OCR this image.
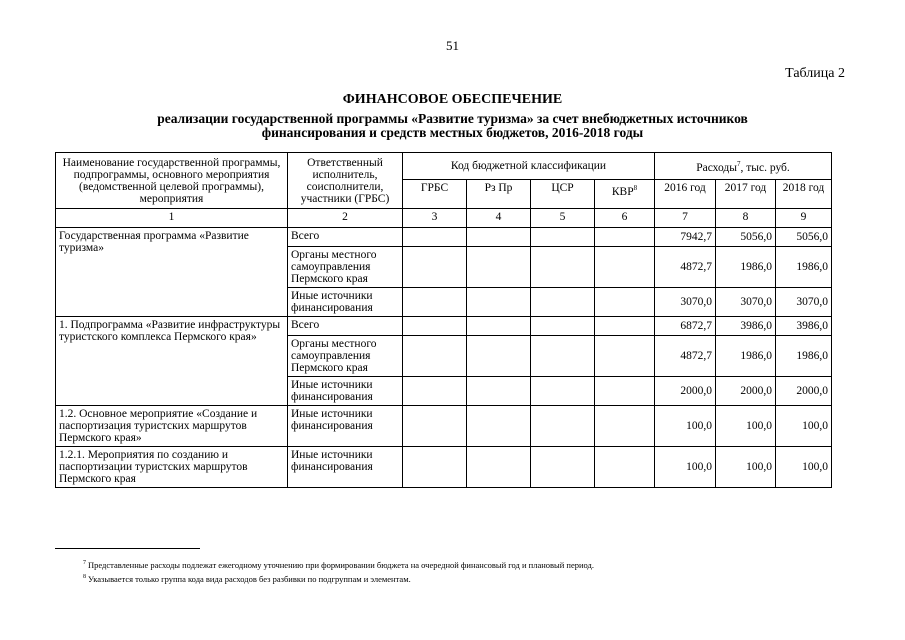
51
Таблица 2
ФИНАНСОВОЕ ОБЕСПЕЧЕНИЕ
реализации государственной программы «Развитие туризма» за счет внебюджетных источников
финансирования и средств местных бюджетов, 2016-2018 годы
Наименование государственной программы, подпрограммы, основного мероприятия (ведомственной целевой программы), мероприятия	Ответственный исполнитель, соисполнители, участники (ГРБС)	Код бюджетной классификации				Расходы$^7$, тыс. руб.		
		ГРБС	Рз Пр	ЦСР	КВР$^8$	2016 год	2017 год	2018 год

1	2	3	4	5	6	7	8	9
Государственная программа «Развитие туризма»	Всего					7942,7	5056,0	5056,0
	Органы местного самоуправления Пермского края					4872,7	1986,0	1986,0
	Иные источники финансирования					3070,0	3070,0	3070,0
1. Подпрограмма «Развитие инфраструктуры туристского комплекса Пермского края»	Всего					6872,7	3986,0	3986,0
	Органы местного самоуправления Пермского края					4872,7	1986,0	1986,0
	Иные источники финансирования					2000,0	2000,0	2000,0
1.2. Основное мероприятие «Создание и паспортизация туристских маршрутов Пермского края»	Иные источники финансирования					100,0	100,0	100,0
1.2.1. Мероприятия по созданию и паспортизации туристских маршрутов Пермского края	Иные источники финансирования					100,0	100,0	100,0
$^7$ Представленные расходы подлежат ежегодному уточнению при формировании бюджета на очередной финансовый год и плановый период.
$^8$ Указывается только группа кода вида расходов без разбивки по подгруппам и элементам.
